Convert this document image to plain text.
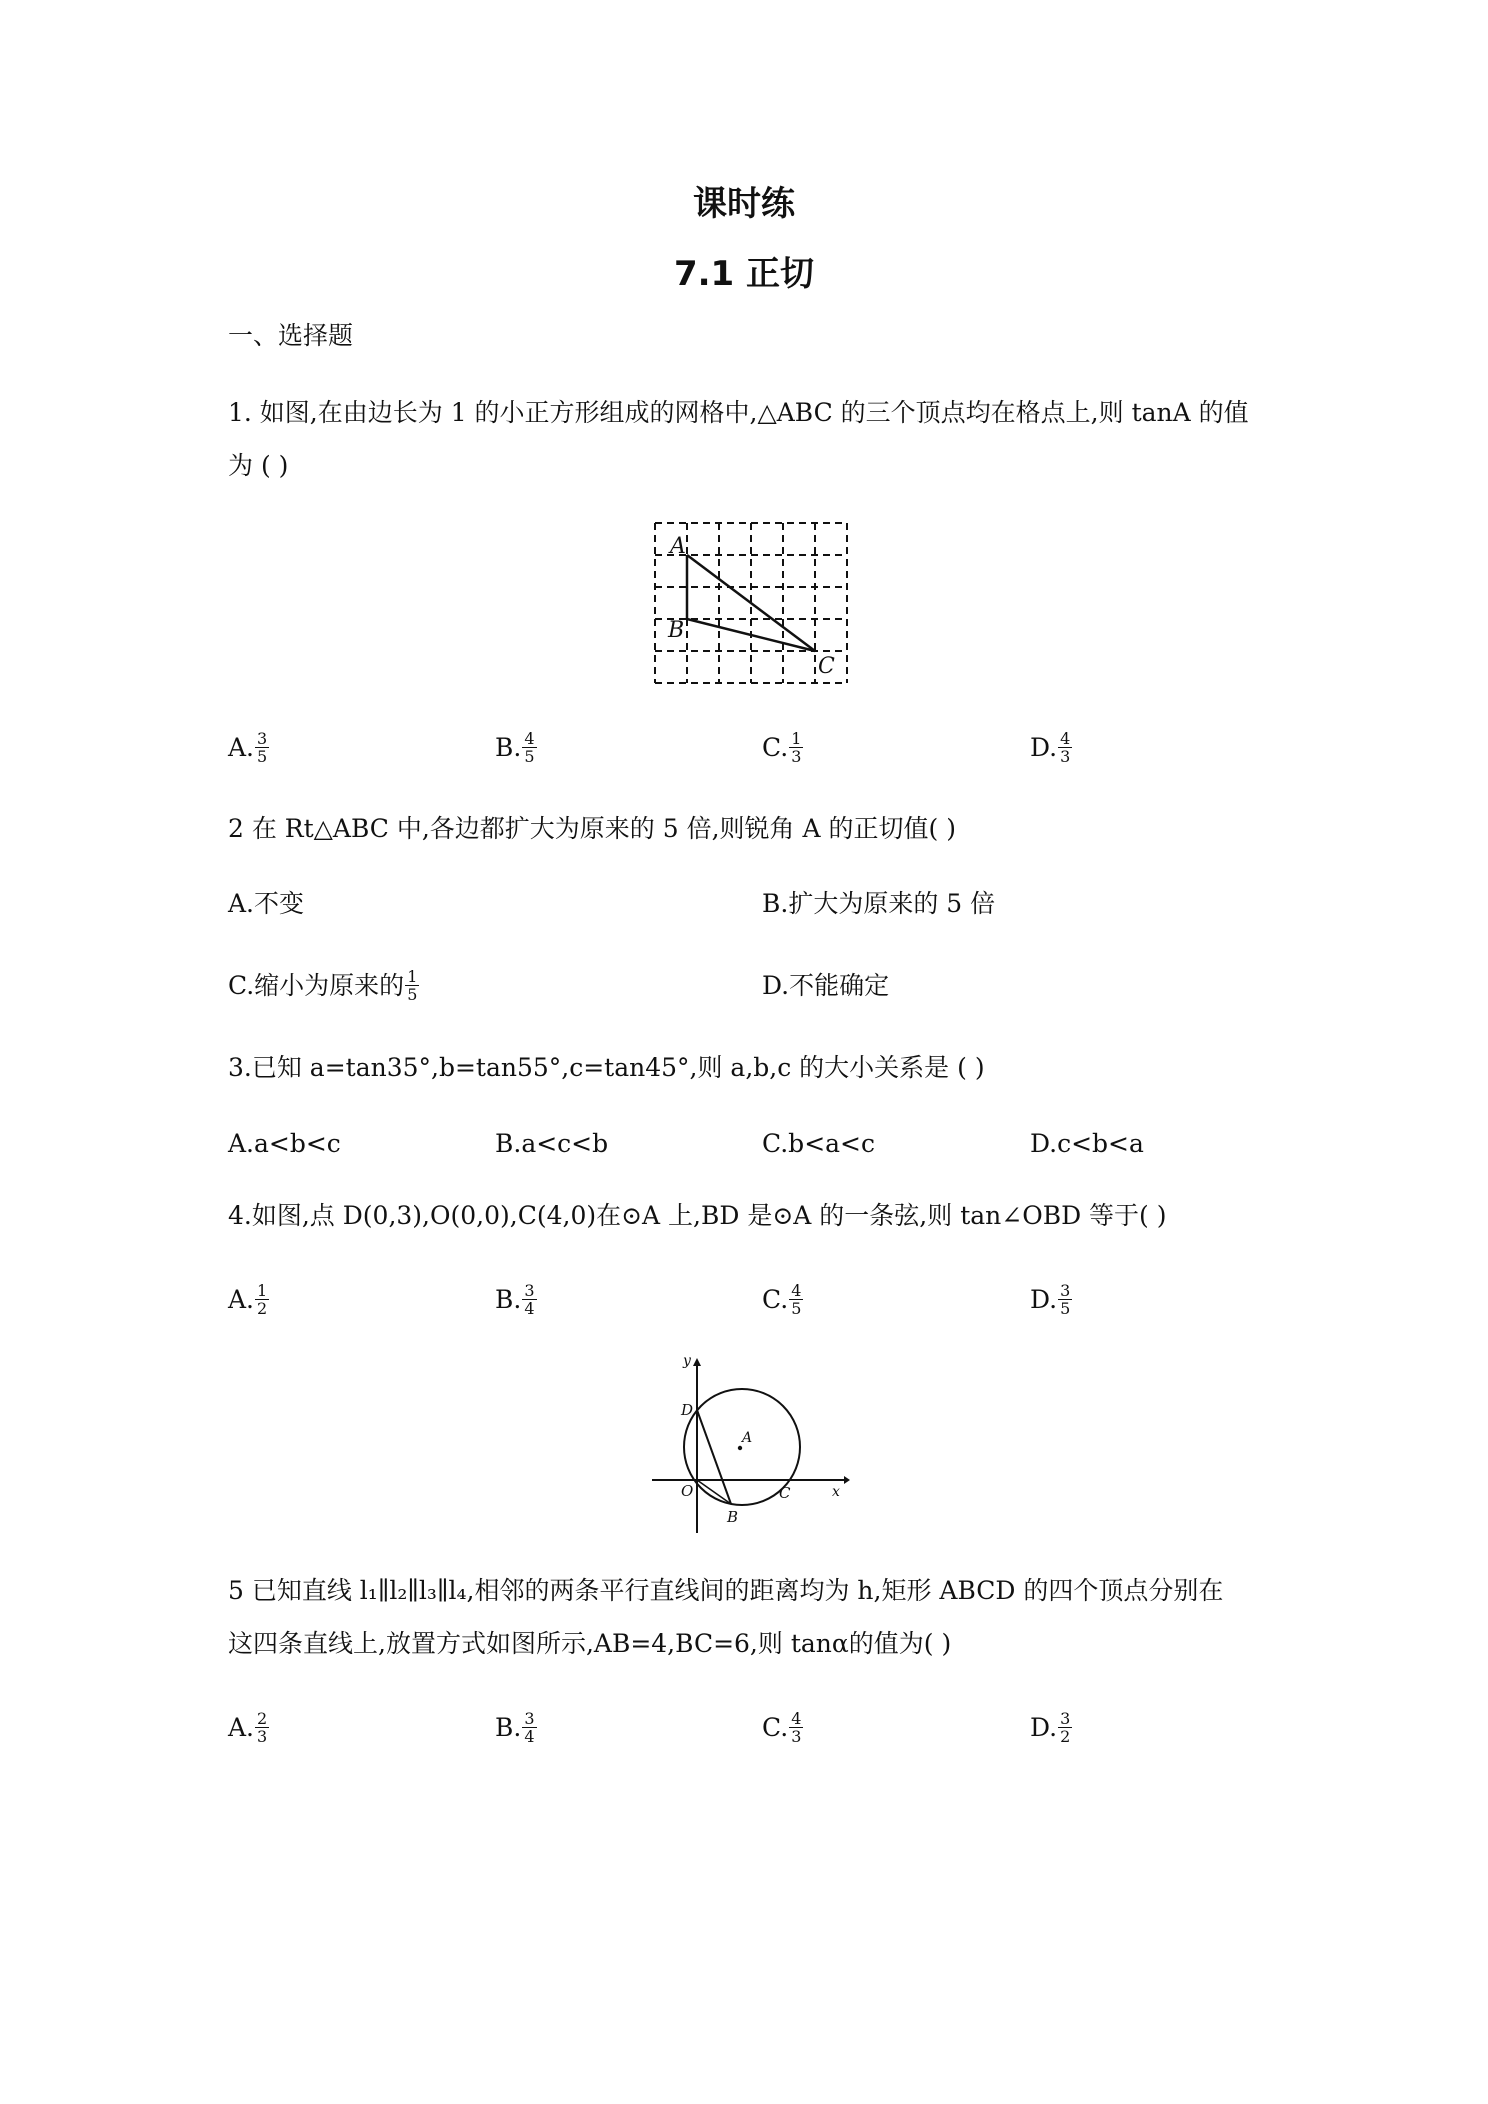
课时练
7.1 正切
一、选择题
1. 如图,在由边长为 1 的小正方形组成的网格中,△ABC 的三个顶点均在格点上,则 tanA 的值
为 ( )
A
B
C
A. $\frac{3}{5}$	B. $\frac{4}{5}$	C. $\frac{1}{3}$	D. $\frac{4}{3}$
2 在 Rt△ABC 中,各边都扩大为原来的 5 倍,则锐角 A 的正切值( )
A.不变	B.扩大为原来的 5 倍
C.缩小为原来的 $\frac{1}{5}$	D.不能确定
3.已知 a=tan35°,b=tan55°,c=tan45°,则 a,b,c 的大小关系是 ( )
A.a<b<c	B.a<c<b	C.b<a<c	D.c<b<a
4.如图,点 D(0,3),O(0,0),C(4,0)在⊙A 上,BD 是⊙A 的一条弦,则 tan∠OBD 等于( )
A. $\frac{1}{2}$	B. $\frac{3}{4}$	C. $\frac{4}{5}$	D. $\frac{3}{5}$
y
x
D
A
O	C
B
5 已知直线 l₁∥l₂∥l₃∥l₄,相邻的两条平行直线间的距离均为 h,矩形 ABCD 的四个顶点分别在
这四条直线上,放置方式如图所示,AB=4,BC=6,则 tanα的值为( )
A. $\frac{2}{3}$	B. $\frac{3}{4}$	C. $\frac{4}{3}$	D. $\frac{3}{2}$
